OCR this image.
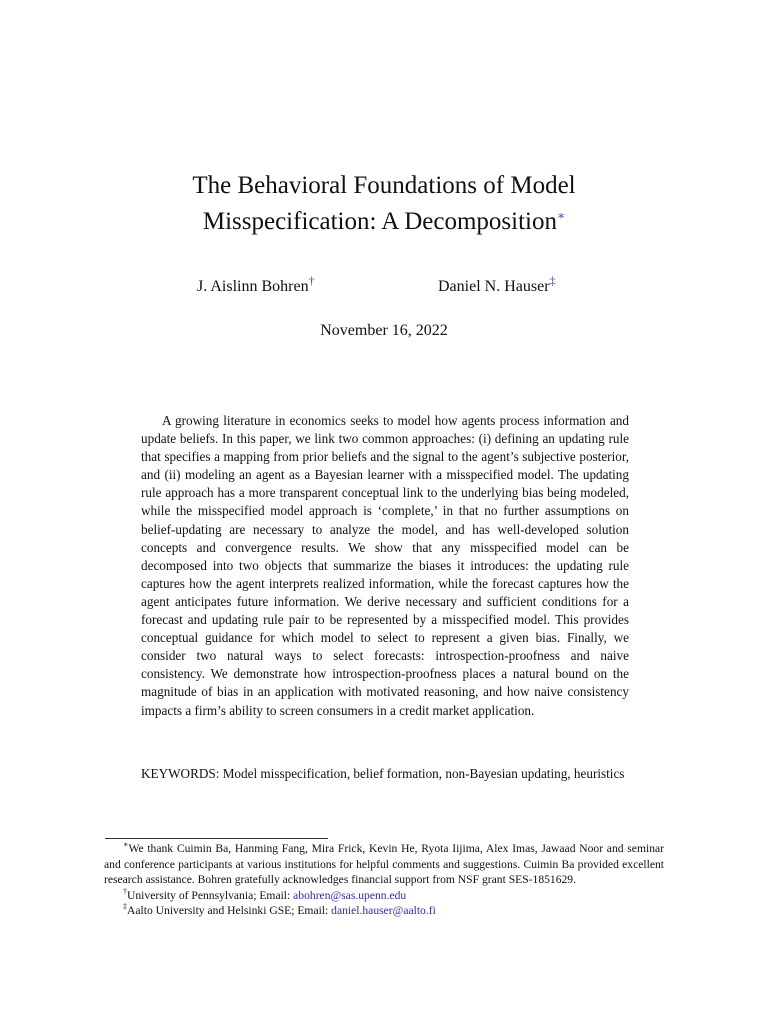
The Behavioral Foundations of Model
Misspecification: A Decomposition∗
J. Aislinn Bohren†	Daniel N. Hauser‡
November 16, 2022

A growing literature in economics seeks to model how agents process information and update beliefs. In this paper, we link two common approaches: (i) defining an updating rule that specifies a mapping from prior beliefs and the signal to the agent’s subjective posterior, and (ii) modeling an agent as a Bayesian learner with a misspecified model. The updating rule approach has a more transparent conceptual link to the underlying bias being modeled, while the misspecified model approach is ‘complete,’ in that no further assumptions on belief-updating are necessary to analyze the model, and has well-developed solution concepts and convergence results. We show that any misspecified model can be decomposed into two objects that summarize the biases it introduces: the updating rule captures how the agent interprets realized information, while the forecast captures how the agent anticipates future information. We derive necessary and sufficient conditions for a forecast and updating rule pair to be represented by a misspecified model. This provides conceptual guidance for which model to select to represent a given bias. Finally, we consider two natural ways to select forecasts: introspection-proofness and naive consistency. We demonstrate how introspection-proofness places a natural bound on the magnitude of bias in an application with motivated reasoning, and how naive consistency impacts a firm’s ability to screen consumers in a credit market application.

KEYWORDS: Model misspecification, belief formation, non-Bayesian updating, heuristics

∗We thank Cuimin Ba, Hanming Fang, Mira Frick, Kevin He, Ryota Iijima, Alex Imas, Jawaad Noor and seminar and conference participants at various institutions for helpful comments and suggestions. Cuimin Ba provided excellent research assistance. Bohren gratefully acknowledges financial support from NSF grant SES-1851629.

†University of Pennsylvania; Email: abohren@sas.upenn.edu

‡Aalto University and Helsinki GSE; Email: daniel.hauser@aalto.fi
